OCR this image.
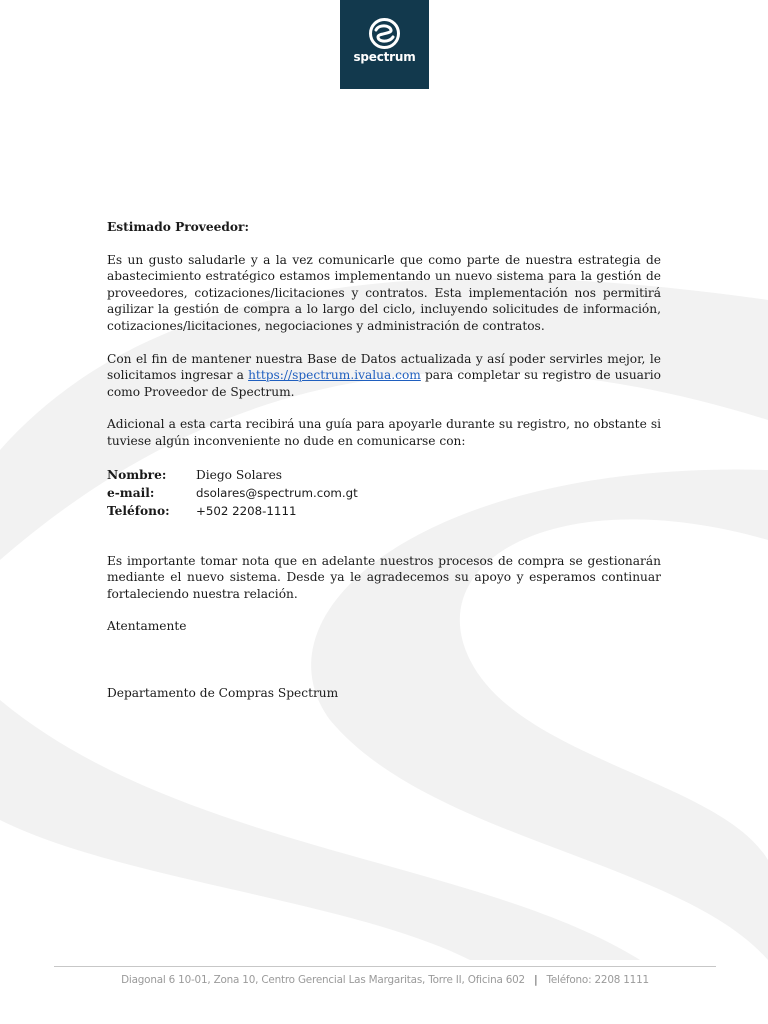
spectrum

Estimado Proveedor:

Es un gusto saludarle y a la vez comunicarle que como parte de nuestra estrategia de abastecimiento estratégico estamos implementando un nuevo sistema para la gestión de proveedores, cotizaciones/licitaciones y contratos. Esta implementación nos permitirá agilizar la gestión de compra a lo largo del ciclo, incluyendo solicitudes de información, cotizaciones/licitaciones, negociaciones y administración de contratos.

Con el fin de mantener nuestra Base de Datos actualizada y así poder servirles mejor, le solicitamos ingresar a https://spectrum.ivalua.com para completar su registro de usuario como Proveedor de Spectrum.

Adicional a esta carta recibirá una guía para apoyarle durante su registro, no obstante si tuviese algún inconveniente no dude en comunicarse con:

Nombre:	Diego Solares
e-mail:	dsolares@spectrum.com.gt
Teléfono:	+502 2208-1111

Es importante tomar nota que en adelante nuestros procesos de compra se gestionarán mediante el nuevo sistema. Desde ya le agradecemos su apoyo y esperamos continuar fortaleciendo nuestra relación.

Atentamente

Departamento de Compras Spectrum

Diagonal 6 10-01, Zona 10, Centro Gerencial Las Margaritas, Torre II, Oficina 602 | Teléfono: 2208 1111
